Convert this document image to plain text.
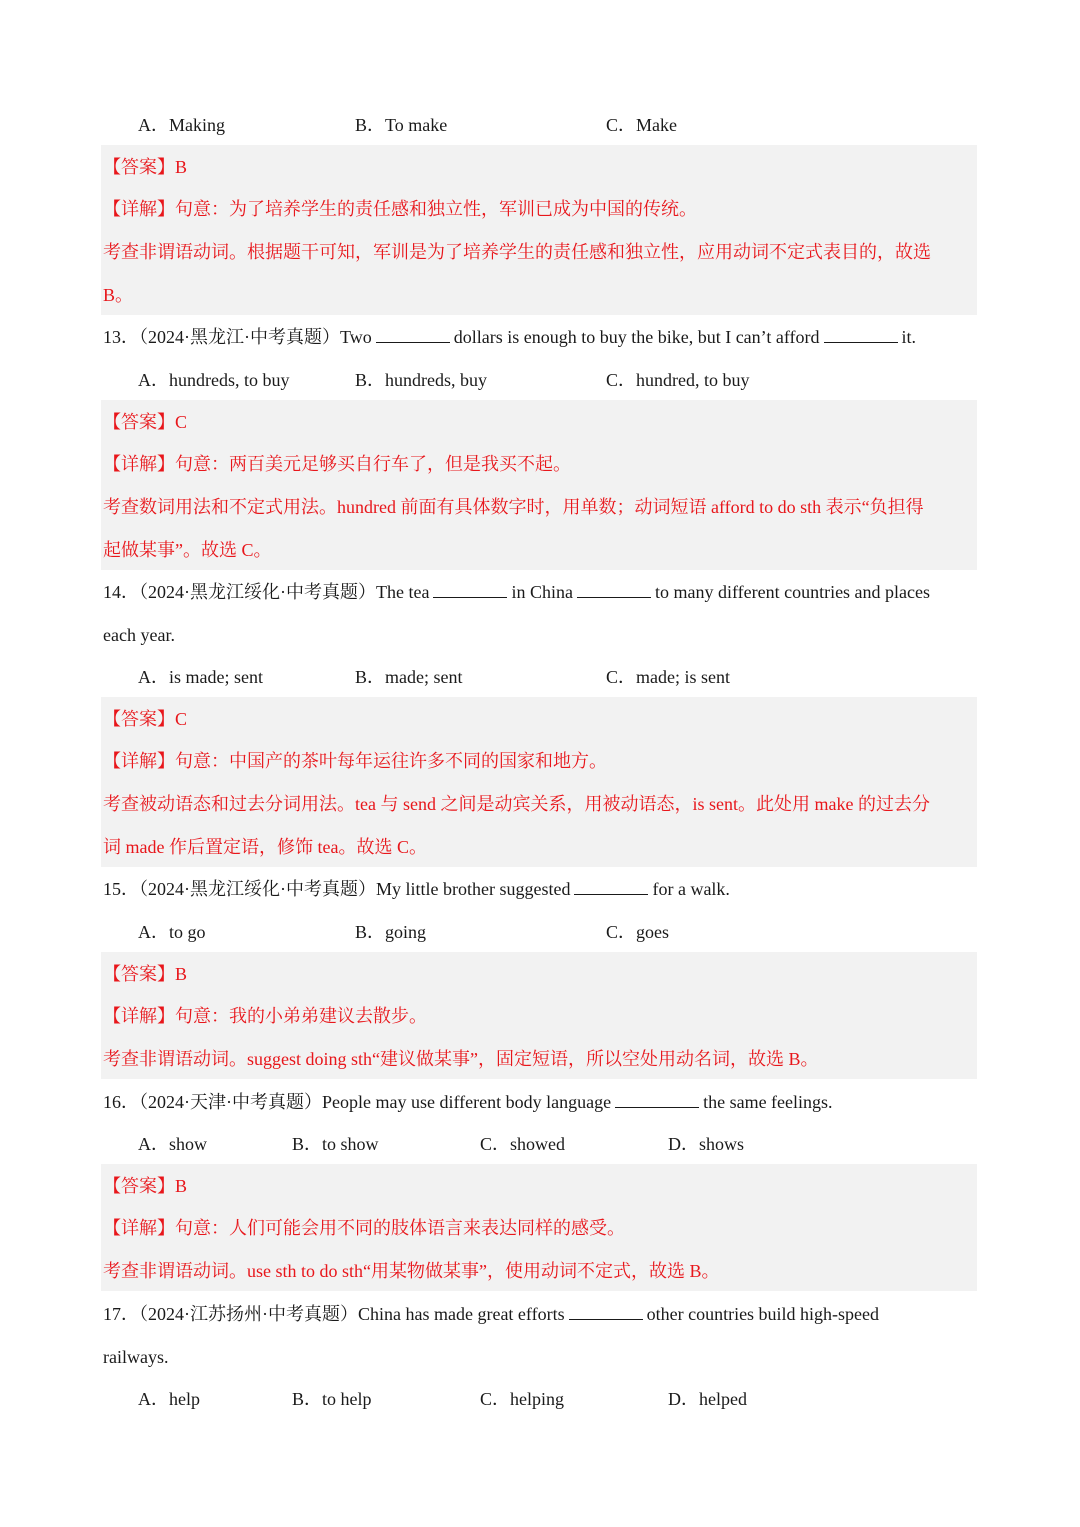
A．Making	B．To make	C．Make
【答案】B
【详解】句意：为了培养学生的责任感和独立性，军训已成为中国的传统。
考查非谓语动词。根据题干可知，军训是为了培养学生的责任感和独立性，应用动词不定式表目的，故选
B。
13．（2024·黑龙江·中考真题）Two	dollars is enough to buy the bike, but I can’t afford	it.
A．hundreds, to buy	B．hundreds, buy	C．hundred, to buy
【答案】C
【详解】句意：两百美元足够买自行车了，但是我买不起。
考查数词用法和不定式用法。hundred 前面有具体数字时，用单数；动词短语 afford to do sth 表示“负担得
起做某事”。故选 C。
14．（2024·黑龙江绥化·中考真题）The tea	in China	to many different countries and places
each year.
A．is made; sent	B．made; sent	C．made; is sent
【答案】C
【详解】句意：中国产的茶叶每年运往许多不同的国家和地方。
考查被动语态和过去分词用法。tea 与 send 之间是动宾关系，用被动语态，is sent。此处用 make 的过去分
词 made 作后置定语，修饰 tea。故选 C。
15．（2024·黑龙江绥化·中考真题）My little brother suggested	for a walk.
A．to go	B．going	C．goes
【答案】B
【详解】句意：我的小弟弟建议去散步。
考查非谓语动词。suggest doing sth“建议做某事”，固定短语，所以空处用动名词，故选 B。
16．（2024·天津·中考真题）People may use different body language	the same feelings.
A．show	B．to show	C．showed	D．shows
【答案】B
【详解】句意：人们可能会用不同的肢体语言来表达同样的感受。
考查非谓语动词。use sth to do sth“用某物做某事”，使用动词不定式，故选 B。
17．（2024·江苏扬州·中考真题）China has made great efforts	other countries build high-speed
railways.
A．help	B．to help	C．helping	D．helped
